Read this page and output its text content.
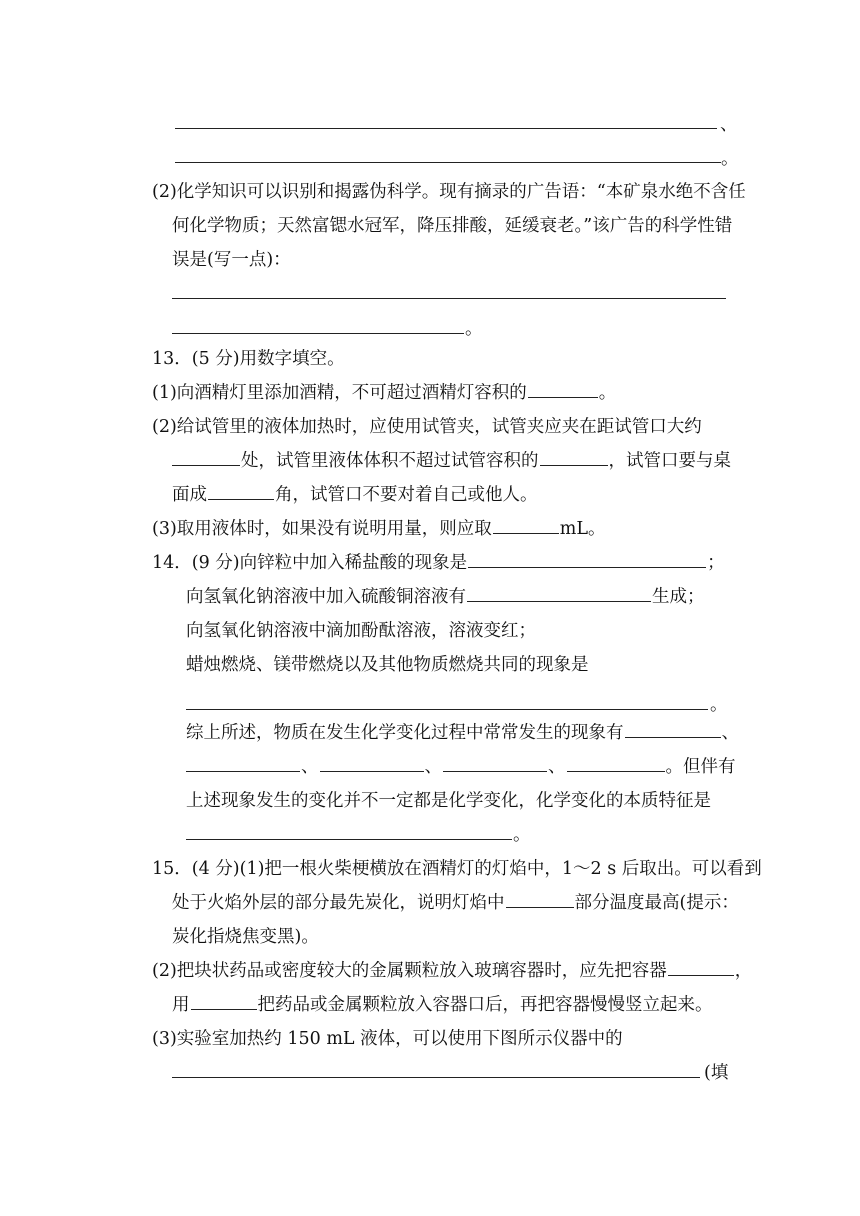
、
。
(2)化学知识可以识别和揭露伪科学。现有摘录的广告语：“本矿泉水绝不含任
何化学物质；天然富锶水冠军，降压排酸，延缓衰老。”该广告的科学性错
误是(写一点)：
。
13．(5 分)用数字填空。
(1)向酒精灯里添加酒精，不可超过酒精灯容积的	。
(2)给试管里的液体加热时，应使用试管夹，试管夹应夹在距试管口大约
处，试管里液体体积不超过试管容积的	，试管口要与桌
面成	角，试管口不要对着自己或他人。
(3)取用液体时，如果没有说明用量，则应取	mL。
14．(9 分)向锌粒中加入稀盐酸的现象是	；
向氢氧化钠溶液中加入硫酸铜溶液有	生成；
向氢氧化钠溶液中滴加酚酞溶液，溶液变红；
蜡烛燃烧、镁带燃烧以及其他物质燃烧共同的现象是
。
综上所述，物质在发生化学变化过程中常常发生的现象有	、
、	、	、	。但伴有
上述现象发生的变化并不一定都是化学变化，化学变化的本质特征是
。
15．(4 分)(1)把一根火柴梗横放在酒精灯的灯焰中，1～2 s 后取出。可以看到
处于火焰外层的部分最先炭化，说明灯焰中	部分温度最高(提示：
炭化指烧焦变黑)。
(2)把块状药品或密度较大的金属颗粒放入玻璃容器时，应先把容器	，
用	把药品或金属颗粒放入容器口后，再把容器慢慢竖立起来。
(3)实验室加热约 150 mL 液体，可以使用下图所示仪器中的
(填
